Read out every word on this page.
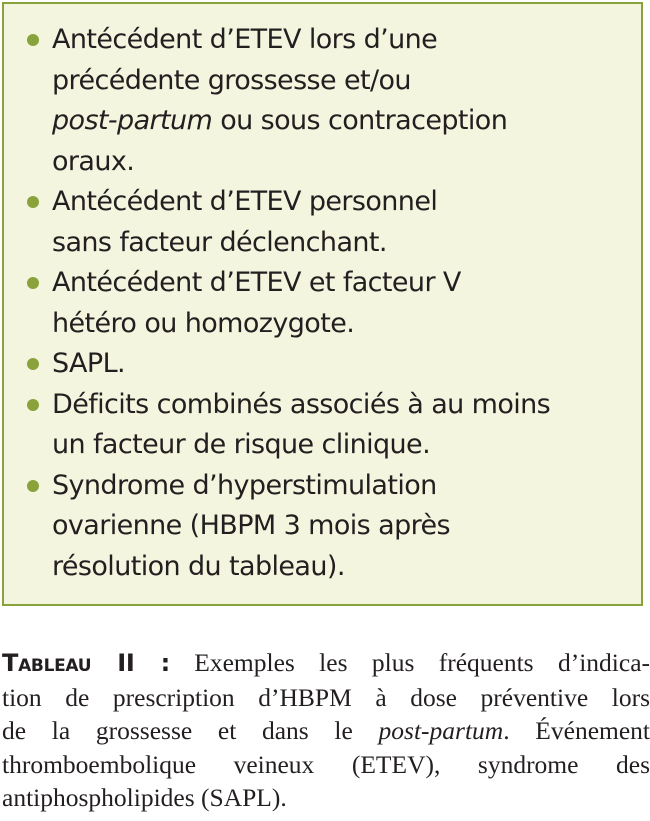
Antécédent d’ETEV lors d’une
précédente grossesse et/ou
post-partum ou sous contraception
oraux.
Antécédent d’ETEV personnel
sans facteur déclenchant.
Antécédent d’ETEV et facteur V
hétéro ou homozygote.
SAPL.
Déficits combinés associés à au moins
un facteur de risque clinique.
Syndrome d’hyperstimulation
ovarienne (HBPM 3 mois après
résolution du tableau).
Tableau II : Exemples les plus fréquents d’indica-
tion de prescription d’HBPM à dose préventive lors
de la grossesse et dans le post-partum. Événement
thromboembolique veineux (ETEV), syndrome des
antiphospholipides (SAPL).
